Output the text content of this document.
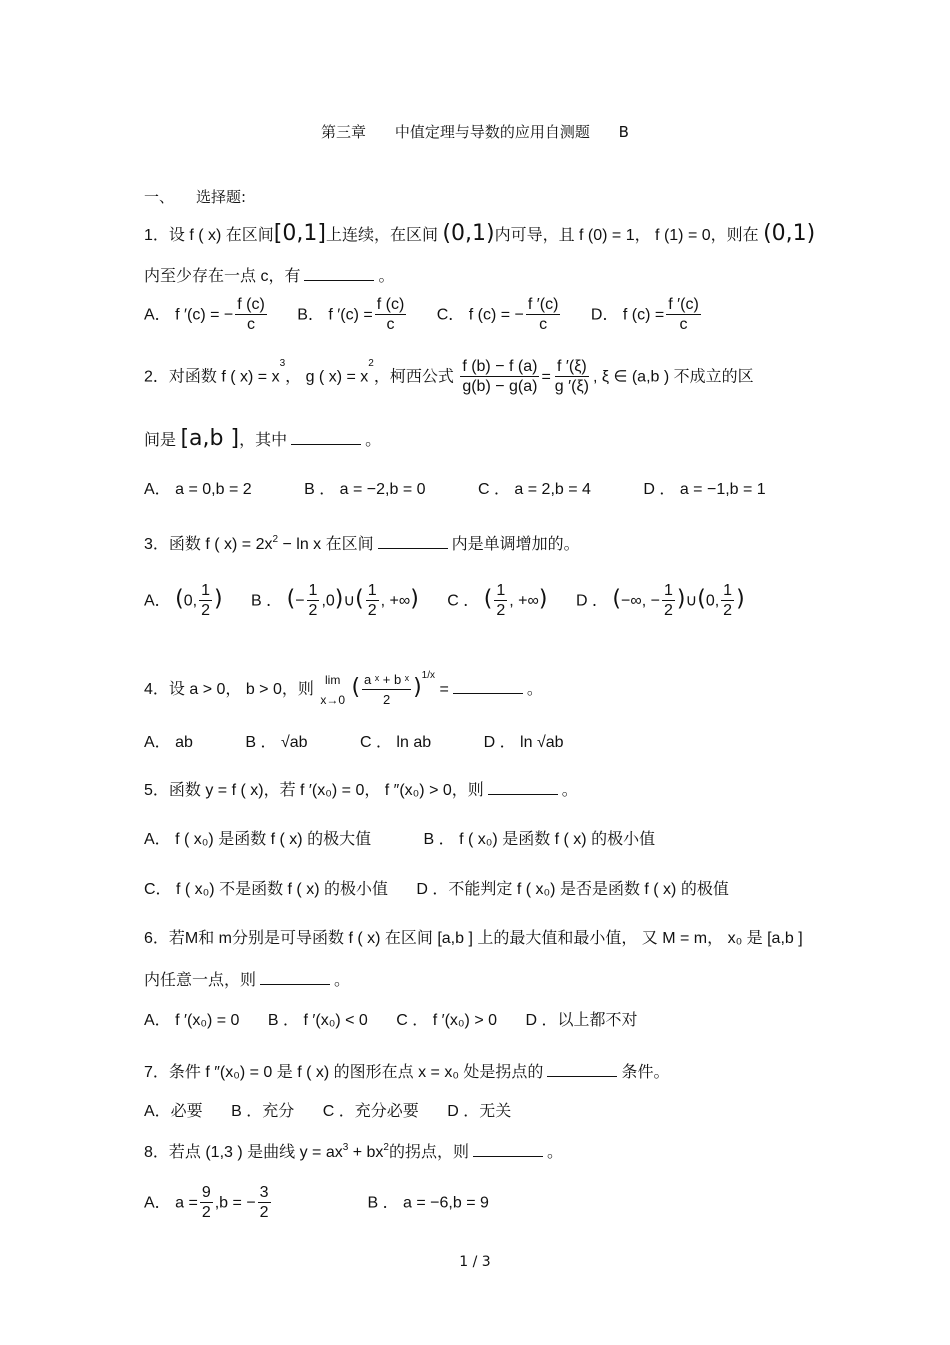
第三章 中值定理与导数的应用自测题 B
一、 选择题:
1．设 f ( x) 在区间[0,1]上连续，在区间 (0,1)内可导，且 f (0) = 1， f (1) = 0，则在 (0,1)
内至少存在一点 c，有	。
A． f ′(c) = − $\frac{f (c)}{c}$ B． f $'(c) = \frac{f (c)}{c}$ C． f (c) = − $\frac{f '(c)}{c}$ D． f $(c) = \frac{f '(c)}{c}$
2．对函数 f ( $x) = x^3$， g ( $x) = x^2$，柯西公式 $\frac{f (b) - f (a)}{g(b) - g(a)} = \frac{f '(\xi)}{g '(\xi)}$ , ξ ∈ (a,b ) 不成立的区
间是 [a,b ]，其中	。
A． a = 0,b = 2	B ． a = −2,b = 0	C ． a = 2,b = 4	D ． a = −1,b = 1
3．函数 f ( $x) = 2x^2 - \ln x$ 在区间	内是单调增加的。
A． (0, $\frac{1}{2}$ ) B ． (− $\frac{1}{2}$ ,0)∪( $\frac{1}{2}$ , +∞) C ． ( $\frac{1}{2}$ , +∞) D ． (−∞, − $\frac{1}{2}$ )∪(0, $\frac{1}{2}$ )
4．设 a > 0， b > 0，则
lim
x→0 ( $\frac{\text{a ˣ + b ˣ}}{2} )^{1/x}$ =	。
A． ab	B ． √ab	C ． ln ab	D ． ln √ab
5．函数 y = f ( x)，若 f ′(x₀) = 0， f ″(x₀) > 0，则	。
A． f ( x₀) 是函数 f ( x) 的极大值	B ． f ( x₀) 是函数 f ( x) 的极小值
C． f ( x₀) 不是函数 f ( x) 的极小值 D ．不能判定 f ( x₀) 是否是函数 f ( x) 的极值
6．若M和 m分别是可导函数 f ( x) 在区间 [a,b ] 上的最大值和最小值， 又 M = m， x₀ 是 [a,b ]
内任意一点，则	。
A． f ′(x₀) = 0 B ． f ′(x₀) < 0 C ． f ′(x₀) > 0 D ．以上都不对
7．条件 f ″(x₀) = 0 是 f ( x) 的图形在点 x = x₀ 处是拐点的	条件。
A．必要 B ．充分 C ．充分必要 D ．无关
8．若点 (1,3 ) 是曲线 $y = ax^3 + bx^2$的拐点，则	。
A． $a = \frac{9}{2} ,b$ = − $\frac{3}{2}$	B ． a = −6,b = 9
1 / 3
